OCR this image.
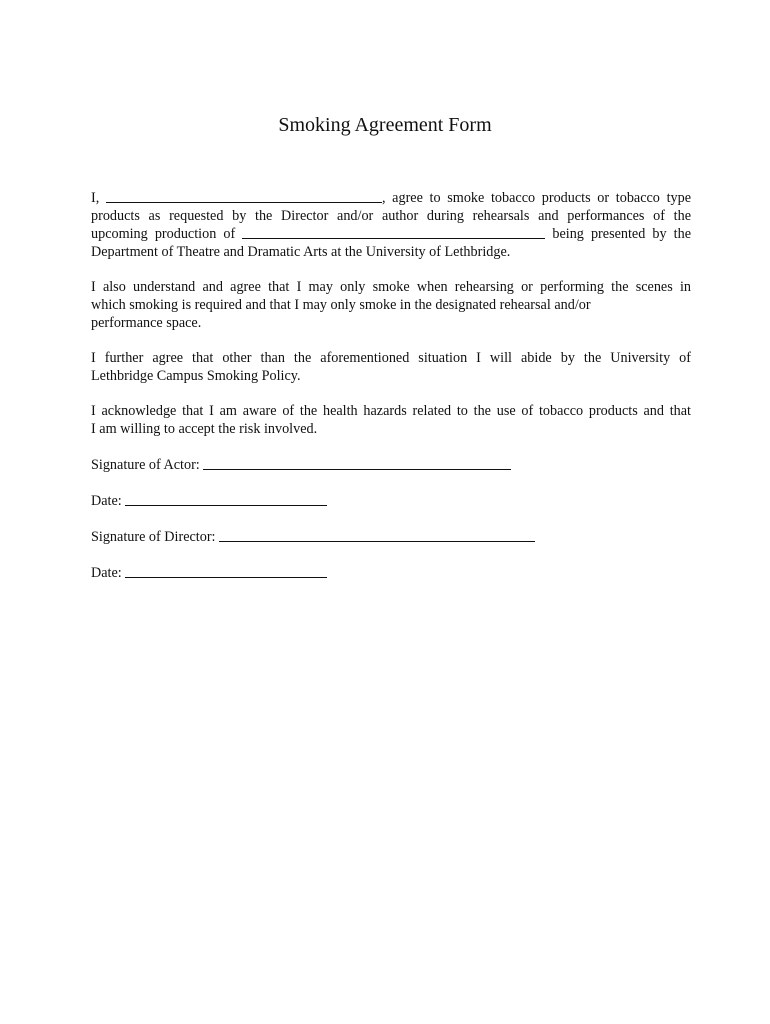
Smoking Agreement Form
I,	, agree to smoke tobacco products or tobacco type
products as requested by the Director and/or author during rehearsals and performances of the
upcoming production of	being presented by the
Department of Theatre and Dramatic Arts at the University of Lethbridge.
I also understand and agree that I may only smoke when rehearsing or performing the scenes in
which smoking is required and that I may only smoke in the designated rehearsal and/or
performance space.
I further agree that other than the aforementioned situation I will abide by the University of
Lethbridge Campus Smoking Policy.
I acknowledge that I am aware of the health hazards related to the use of tobacco products and that
I am willing to accept the risk involved.
Signature of Actor:
Date:
Signature of Director:
Date:
